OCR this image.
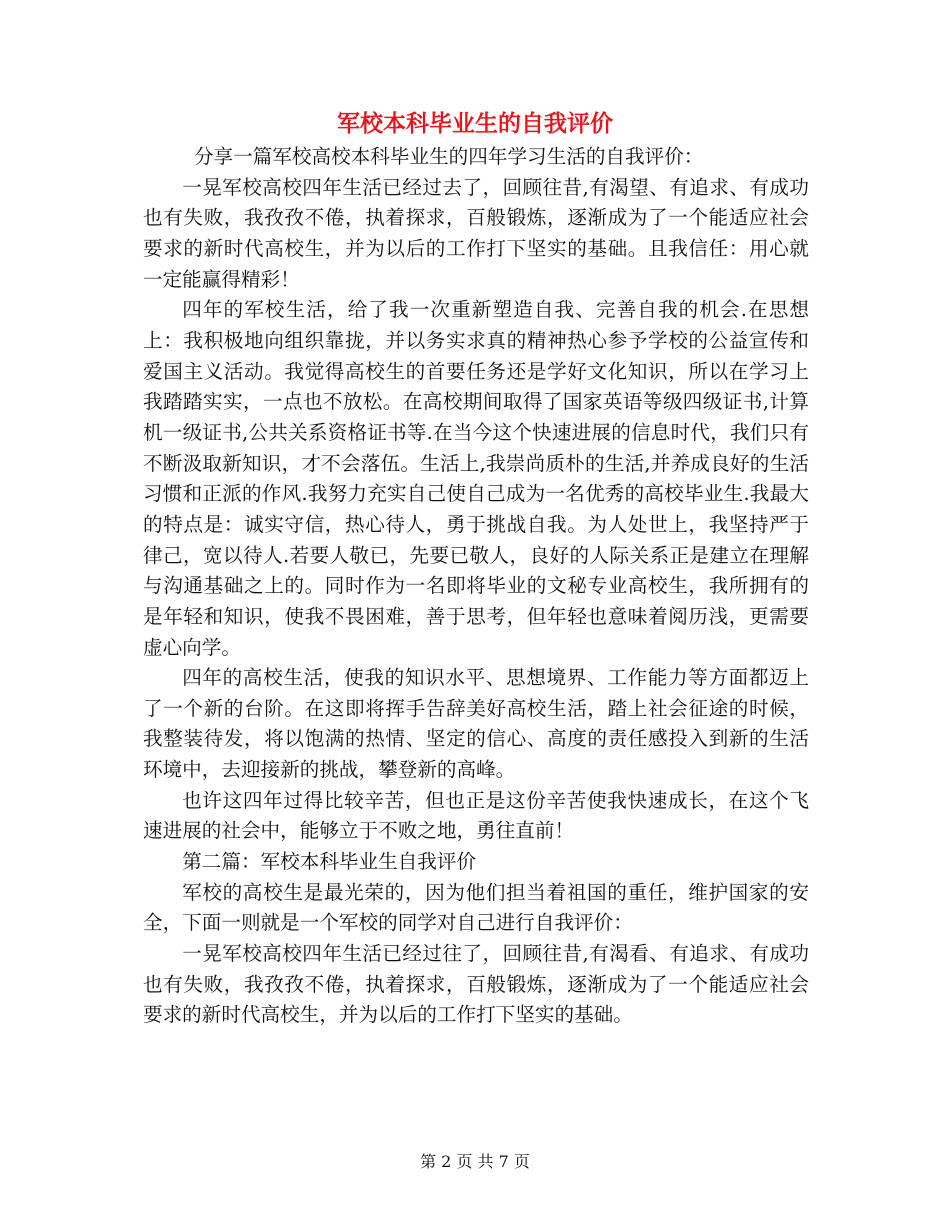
军校本科毕业生的自我评价

分享一篇军校高校本科毕业生的四年学习生活的自我评价：

一晃军校高校四年生活已经过去了，回顾往昔,有渴望、有追求、有成功也有失败，我孜孜不倦，执着探求，百般锻炼，逐渐成为了一个能适应社会要求的新时代高校生，并为以后的工作打下坚实的基础。且我信任：用心就一定能赢得精彩！

四年的军校生活，给了我一次重新塑造自我、完善自我的机会.在思想上：我积极地向组织靠拢，并以务实求真的精神热心参予学校的公益宣传和爱国主义活动。我觉得高校生的首要任务还是学好文化知识，所以在学习上我踏踏实实，一点也不放松。在高校期间取得了国家英语等级四级证书,计算机一级证书,公共关系资格证书等.在当今这个快速进展的信息时代，我们只有不断汲取新知识，才不会落伍。生活上,我崇尚质朴的生活,并养成良好的生活习惯和正派的作风.我努力充实自己使自己成为一名优秀的高校毕业生.我最大的特点是：诚实守信，热心待人，勇于挑战自我。为人处世上，我坚持严于律己，宽以待人.若要人敬已，先要已敬人，良好的人际关系正是建立在理解与沟通基础之上的。同时作为一名即将毕业的文秘专业高校生，我所拥有的是年轻和知识，使我不畏困难，善于思考，但年轻也意味着阅历浅，更需要虚心向学。

四年的高校生活，使我的知识水平、思想境界、工作能力等方面都迈上了一个新的台阶。在这即将挥手告辞美好高校生活，踏上社会征途的时候，我整装待发，将以饱满的热情、坚定的信心、高度的责任感投入到新的生活环境中，去迎接新的挑战，攀登新的高峰。

也许这四年过得比较辛苦，但也正是这份辛苦使我快速成长，在这个飞速进展的社会中，能够立于不败之地，勇往直前！

第二篇：军校本科毕业生自我评价

军校的高校生是最光荣的，因为他们担当着祖国的重任，维护国家的安全，下面一则就是一个军校的同学对自己进行自我评价：

一晃军校高校四年生活已经过往了，回顾往昔,有渴看、有追求、有成功也有失败，我孜孜不倦，执着探求，百般锻炼，逐渐成为了一个能适应社会要求的新时代高校生，并为以后的工作打下坚实的基础。

第 2 页 共 7 页
